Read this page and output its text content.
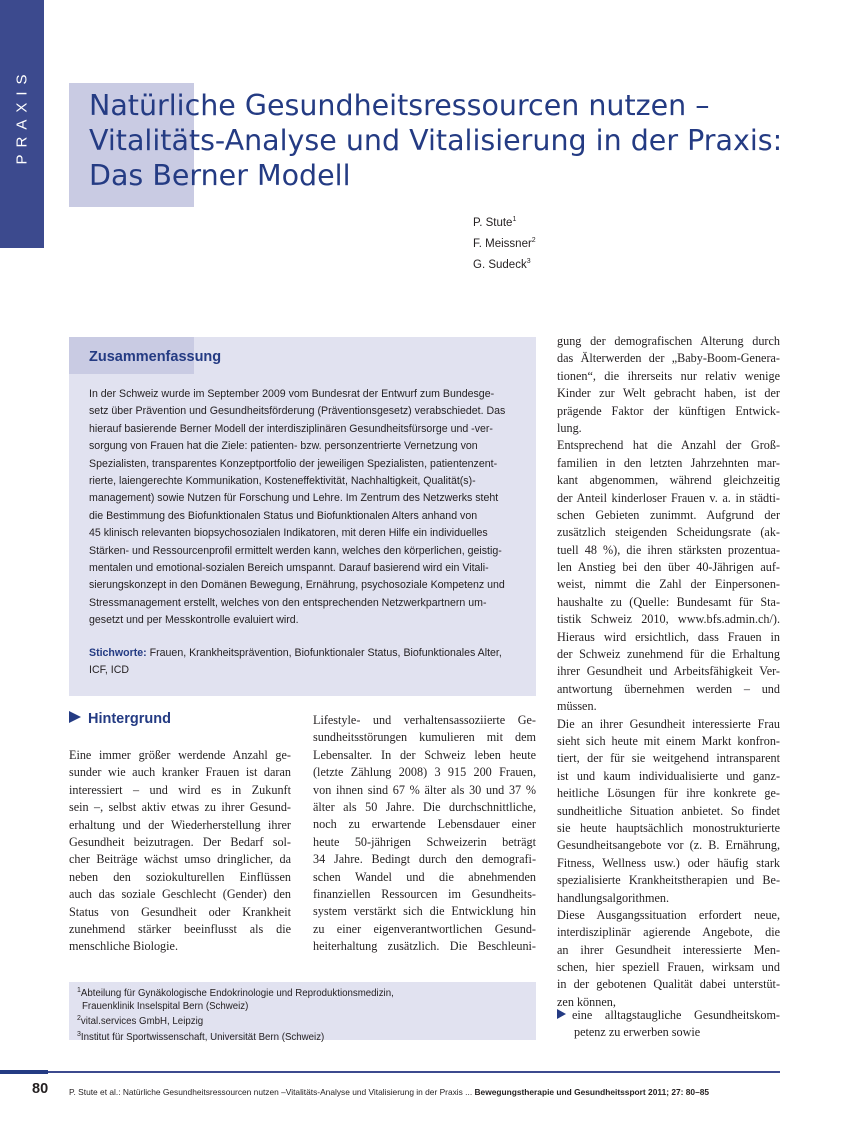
PRAXIS Natürliche Gesundheitsressourcen nutzen –
Vitalitäts-Analyse und Vitalisierung in der Praxis:
Das Berner Modell
P. Stute$^1$
F. Meissner$^2$
G. Sudeck$^3$
Zusammenfassung
In der Schweiz wurde im September 2009 vom Bundesrat der Entwurf zum Bundesge-
setz über Prävention und Gesundheitsförderung (Präventionsgesetz) verabschiedet. Das
hierauf basierende Berner Modell der interdisziplinären Gesundheitsfürsorge und -ver-
sorgung von Frauen hat die Ziele: patienten- bzw. personzentrierte Vernetzung von
Spezialisten, transparentes Konzeptportfolio der jeweiligen Spezialisten, patientenzent-
rierte, laiengerechte Kommunikation, Kosteneffektivität, Nachhaltigkeit, Qualität(s)-
management) sowie Nutzen für Forschung und Lehre. Im Zentrum des Netzwerks steht
die Bestimmung des Biofunktionalen Status und Biofunktionalen Alters anhand von
45 klinisch relevanten biopsychosozialen Indikatoren, mit deren Hilfe ein individuelles
Stärken- und Ressourcenprofil ermittelt werden kann, welches den körperlichen, geistig-
mentalen und emotional-sozialen Bereich umspannt. Darauf basierend wird ein Vitali-
sierungskonzept in den Domänen Bewegung, Ernährung, psychosoziale Kompetenz und
Stressmanagement erstellt, welches von den entsprechenden Netzwerkpartnern um-
gesetzt und per Messkontrolle evaluiert wird.
Stichworte: Frauen, Krankheitsprävention, Biofunktionaler Status, Biofunktionales Alter,
ICF, ICD
Hintergrund
Eine immer größer werdende Anzahl ge-
sunder wie auch kranker Frauen ist daran
interessiert – und wird es in Zukunft
sein –, selbst aktiv etwas zu ihrer Gesund-
erhaltung und der Wiederherstellung ihrer
Gesundheit beizutragen. Der Bedarf sol-
cher Beiträge wächst umso dringlicher, da
neben den soziokulturellen Einflüssen
auch das soziale Geschlecht (Gender) den
Status von Gesundheit oder Krankheit
zunehmend stärker beeinflusst als die
menschliche Biologie.
Lifestyle- und verhaltensassoziierte Ge-
sundheitsstörungen kumulieren mit dem
Lebensalter. In der Schweiz leben heute
(letzte Zählung 2008) 3 915 200 Frauen,
von ihnen sind 67 % älter als 30 und 37 %
älter als 50 Jahre. Die durchschnittliche,
noch zu erwartende Lebensdauer einer
heute 50-jährigen Schweizerin beträgt
34 Jahre. Bedingt durch den demografi-
schen Wandel und die abnehmenden
finanziellen Ressourcen im Gesundheits-
system verstärkt sich die Entwicklung hin
zu einer eigenverantwortlichen Gesund-
heiterhaltung zusätzlich. Die Beschleuni-
gung der demografischen Alterung durch
das Älterwerden der „Baby-Boom-Genera-
tionen“, die ihrerseits nur relativ wenige
Kinder zur Welt gebracht haben, ist der
prägende Faktor der künftigen Entwick-
lung.
Entsprechend hat die Anzahl der Groß-
familien in den letzten Jahrzehnten mar-
kant abgenommen, während gleichzeitig
der Anteil kinderloser Frauen v. a. in städti-
schen Gebieten zunimmt. Aufgrund der
zusätzlich steigenden Scheidungsrate (ak-
tuell 48 %), die ihren stärksten prozentua-
len Anstieg bei den über 40-Jährigen auf-
weist, nimmt die Zahl der Einpersonen-
haushalte zu (Quelle: Bundesamt für Sta-
tistik Schweiz 2010, www.bfs.admin.ch/).
Hieraus wird ersichtlich, dass Frauen in
der Schweiz zunehmend für die Erhaltung
ihrer Gesundheit und Arbeitsfähigkeit Ver-
antwortung übernehmen werden – und
müssen.
Die an ihrer Gesundheit interessierte Frau
sieht sich heute mit einem Markt konfron-
tiert, der für sie weitgehend intransparent
ist und kaum individualisierte und ganz-
heitliche Lösungen für ihre konkrete ge-
sundheitliche Situation anbietet. So findet
sie heute hauptsächlich monostrukturierte
Gesundheitsangebote vor (z. B. Ernährung,
Fitness, Wellness usw.) oder häufig stark
spezialisierte Krankheitstherapien und Be-
handlungsalgorithmen.
Diese Ausgangssituation erfordert neue,
interdisziplinär agierende Angebote, die
an ihrer Gesundheit interessierte Men-
schen, hier speziell Frauen, wirksam und
in der gebotenen Qualität dabei unterstüt-
zen können,
eine alltagstaugliche Gesundheitskom-
petenz zu erwerben sowie
$^1$Abteilung für Gynäkologische Endokrinologie und Reproduktionsmedizin,
Frauenklinik Inselspital Bern (Schweiz)
$^2$vital.services GmbH, Leipzig
$^3$Institut für Sportwissenschaft, Universität Bern (Schweiz)
80 P. Stute et al.: Natürliche Gesundheitsressourcen nutzen –Vitalitäts-Analyse und Vitalisierung in der Praxis ... Bewegungstherapie und Gesundheitssport 2011; 27: 80–85
